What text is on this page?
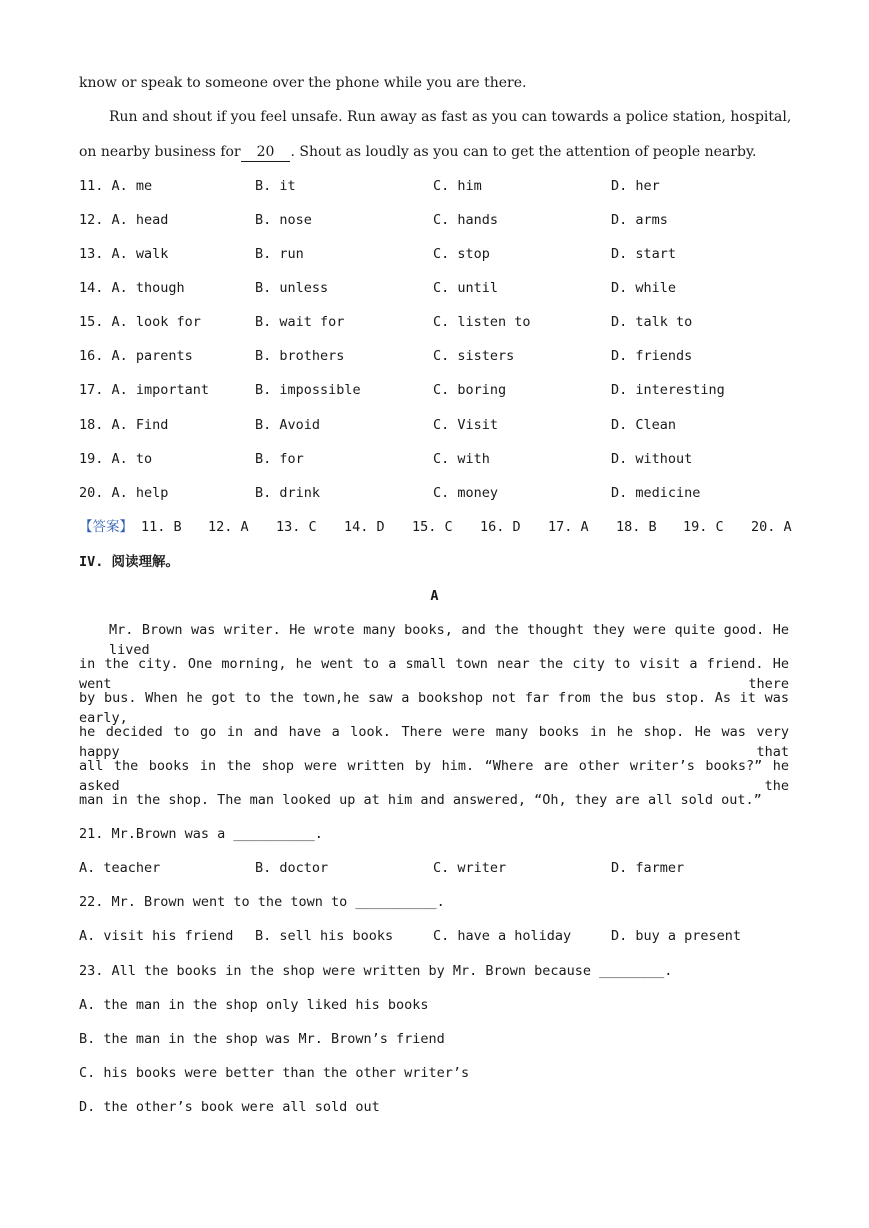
know or speak to someone over the phone while you are there.
Run and shout if you feel unsafe. Run away as fast as you can towards a police station, hospital,
on nearby business for 20 . Shout as loudly as you can to get the attention of people nearby.
11. A. me	B. it	C. him	D. her
12. A. head	B. nose	C. hands	D. arms
13. A. walk	B. run	C. stop	D. start
14. A. though	B. unless	C. until	D. while
15. A. look for	B. wait for	C. listen to	D. talk to
16. A. parents	B. brothers	C. sisters	D. friends
17. A. important	B. impossible	C. boring	D. interesting
18. A. Find	B. Avoid	C. Visit	D. Clean
19. A. to	B. for	C. with	D. without
20. A. help	B. drink	C. money	D. medicine
【答案】 11. B 12. A 13. C 14. D 15. C 16. D 17. A 18. B 19. C 20. A
IV. 阅读理解。
A
Mr. Brown was writer. He wrote many books, and the thought they were quite good. He lived
in the city. One morning, he went to a small town near the city to visit a friend. He went there
by bus. When he got to the town,he saw a bookshop not far from the bus stop. As it was early,
he decided to go in and have a look. There were many books in he shop. He was very happy that
all the books in the shop were written by him. “Where are other writer’s books?” he asked the
man in the shop. The man looked up at him and answered, “Oh, they are all sold out.”
21. Mr.Brown was a __________.
A. teacher	B. doctor	C. writer	D. farmer
22. Mr. Brown went to the town to __________.
A. visit his friend B. sell his books	C. have a holiday	D. buy a present
23. All the books in the shop were written by Mr. Brown because ________.
A. the man in the shop only liked his books
B. the man in the shop was Mr. Brown’s friend
C. his books were better than the other writer’s
D. the other’s book were all sold out
